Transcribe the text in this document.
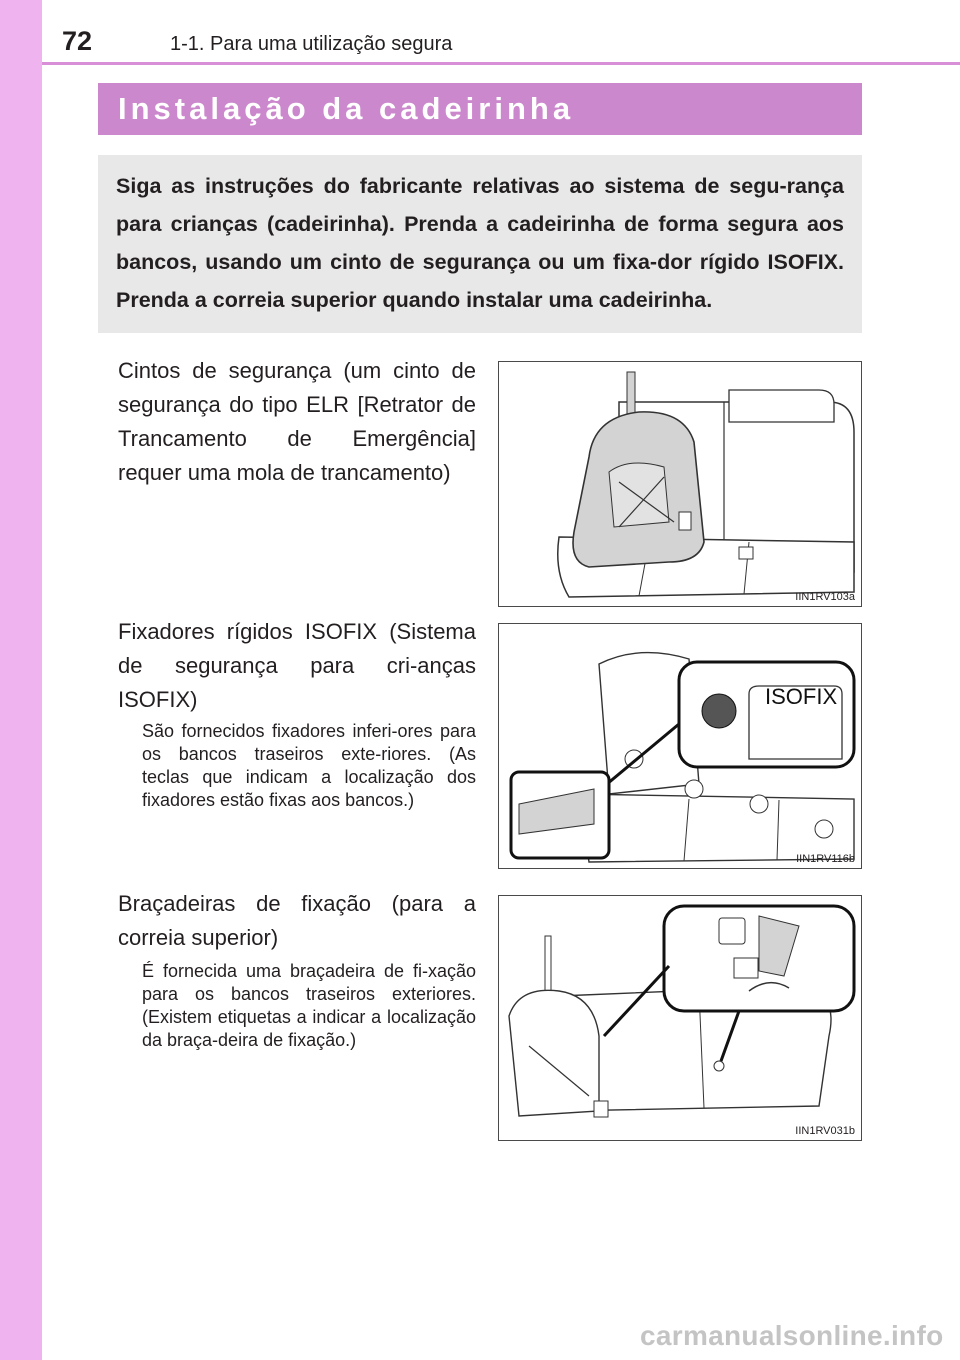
72	1-1. Para uma utilização segura
Instalação da cadeirinha

Siga as instruções do fabricante relativas ao sistema de segu-rança para crianças (cadeirinha). Prenda a cadeirinha de forma segura aos bancos, usando um cinto de segurança ou um fixa-dor rígido ISOFIX. Prenda a correia superior quando instalar uma cadeirinha.

Cintos de segurança (um cinto de segurança do tipo ELR [Retrator de Trancamento de Emergência] requer uma mola de trancamento)

IIN1RV103a

Fixadores rígidos ISOFIX (Sistema de segurança para cri-anças ISOFIX)

São fornecidos fixadores inferi-ores para os bancos traseiros exte-riores. (As teclas que indicam a localização dos fixadores estão fixas aos bancos.)

ISOFIX
IIN1RV116b

Braçadeiras de fixação (para a correia superior)

É fornecida uma braçadeira de fi-xação para os bancos traseiros exteriores. (Existem etiquetas a indicar a localização da braça-deira de fixação.)

IIN1RV031b
carmanualsonline.info
